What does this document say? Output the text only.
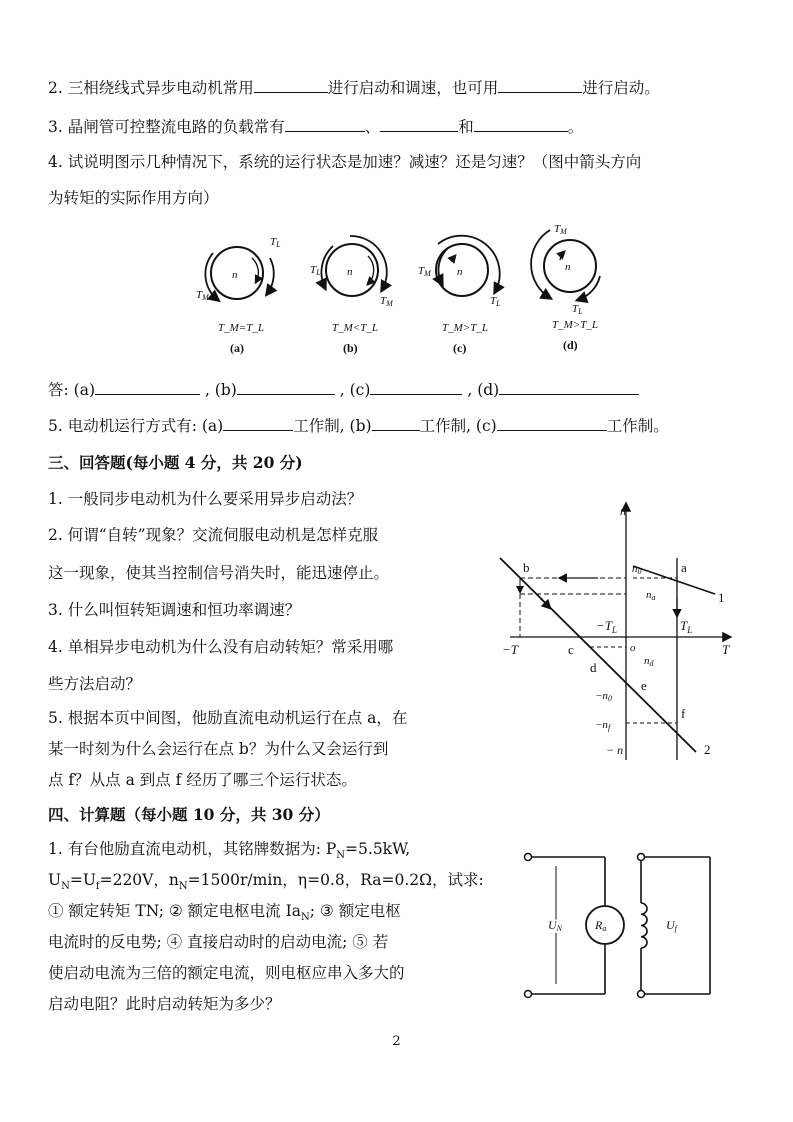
2. 三相绕线式异步电动机常用	进行启动和调速，也可用	进行启动。
3. 晶闸管可控整流电路的负载常有	、	和	。
4. 试说明图示几种情况下，系统的运行状态是加速？减速？还是匀速？（图中箭头方向
为转矩的实际作用方向）
n
TL
TM
T_M=T_L
(a)
n
TL
TM
T_M<T_L
(b)
n
TM
TL
T_M>T_L
(c)
n
TM
TL
T_M>T_L
(d)
答: (a)	, (b)	, (c)	, (d)
5. 电动机运行方式有: (a)	工作制, (b)	工作制, (c)	工作制。
三、回答题(每小题 4 分，共 20 分)
1. 一般同步电动机为什么要采用异步启动法？
2. 何谓“自转”现象？交流伺服电动机是怎样克服
这一现象，使其当控制信号消失时，能迅速停止。
3. 什么叫恒转矩调速和恒功率调速？
4. 单相异步电动机为什么没有启动转矩？常采用哪
些方法启动？
5. 根据本页中间图，他励直流电动机运行在点 a，在
某一时刻为什么会运行在点 b？为什么又会运行到
点 f？从点 a 到点 f 经历了哪三个运行状态。
n
− n
T
−T
$-T_L$	$T_L$
o
n0
na
nd
−n0
−nf
a
b
c
d
e
f
1
2
四、计算题（每小题 10 分，共 30 分）
1. 有台他励直流电动机，其铭牌数据为: $P_N=5.5kW$,
$U_N=U_f=220V$，$n_N=1500r/\min$，η=0.8，Ra=0.2Ω，试求:
① 额定转矩 TN; ② 额定电枢电流 $Ia_N$; ③ 额定电枢
电流时的反电势; ④ 直接启动时的启动电流; ⑤ 若
使启动电流为三倍的额定电流，则电枢应串入多大的
启动电阻？此时启动转矩为多少？
Ra
UN	Uf
2
